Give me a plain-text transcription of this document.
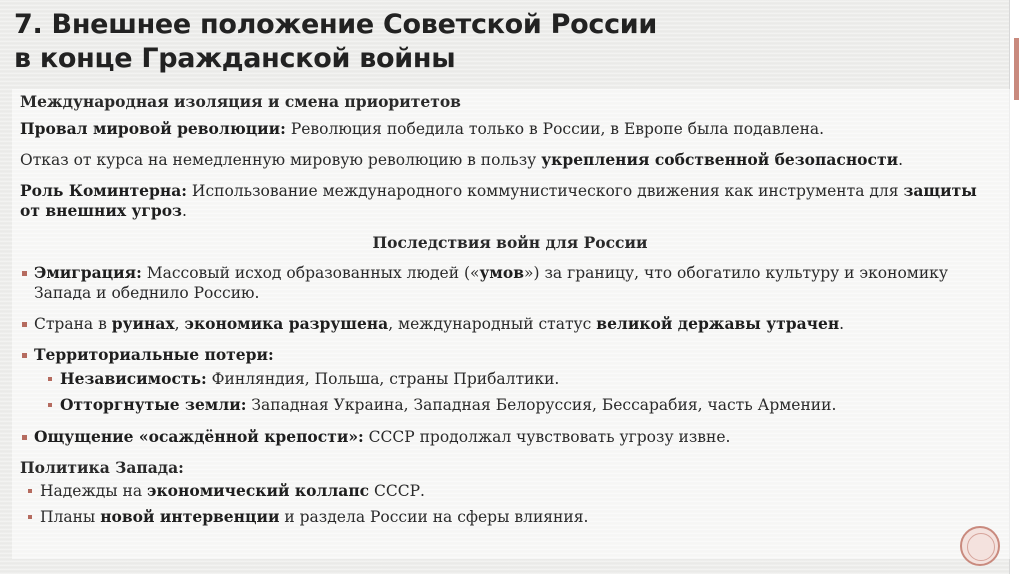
7. Внешнее положение Советской России
в конце Гражданской войны

Международная изоляция и смена приоритетов

Провал мировой революции: Революция победила только в России, в Европе была подавлена.

Отказ от курса на немедленную мировую революцию в пользу укрепления собственной безопасности.

Роль Коминтерна: Использование международного коммунистического движения как инструмента для защиты от внешних угроз.

Последствия войн для России

Эмиграция: Массовый исход образованных людей («умов») за границу, что обогатило культуру и экономику Запада и обеднило Россию.
Страна в руинах, экономика разрушена, международный статус великой державы утрачен.
Территориальные потери:
Независимость: Финляндия, Польша, страны Прибалтики.
Отторгнутые земли: Западная Украина, Западная Белоруссия, Бессарабия, часть Армении.
Ощущение «осаждённой крепости»: СССР продолжал чувствовать угрозу извне.

Политика Запада:

Надежды на экономический коллапс СССР.
Планы новой интервенции и раздела России на сферы влияния.
